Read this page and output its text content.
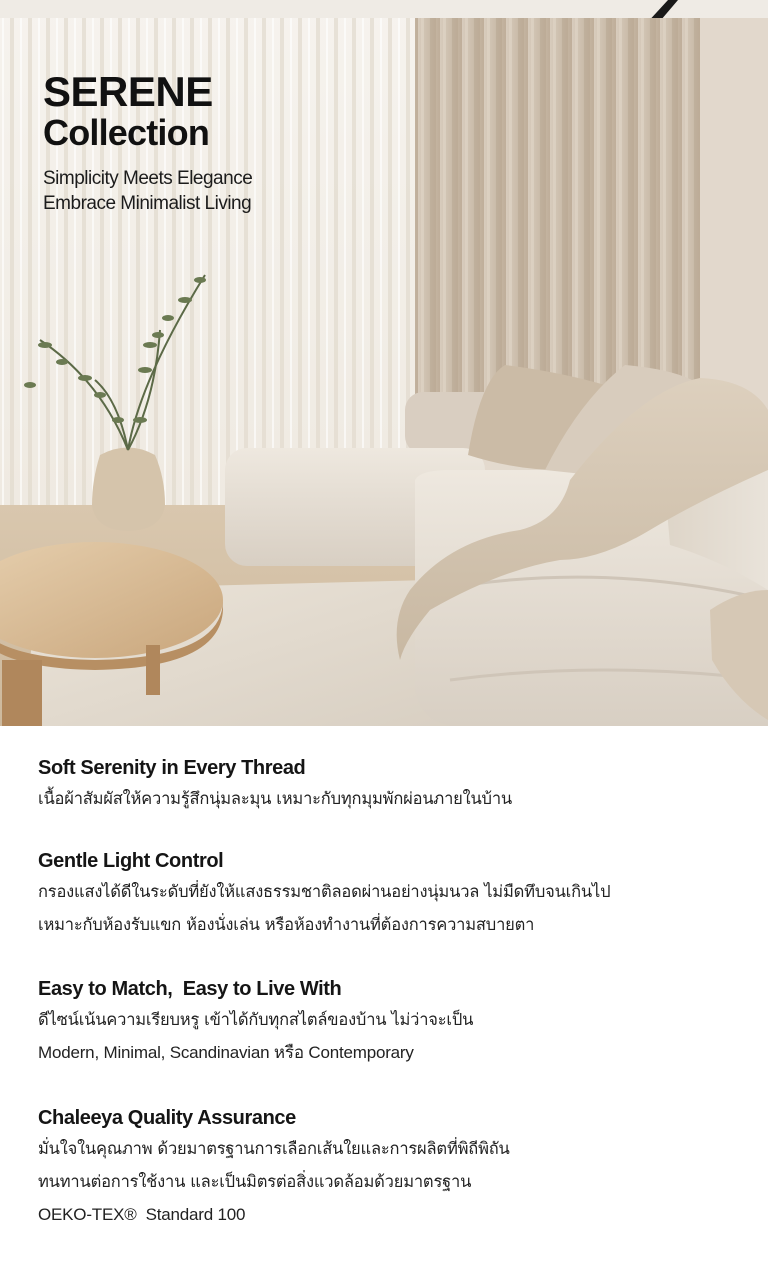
SERENE
Collection
Simplicity Meets Elegance
Embrace Minimalist Living
Soft Serenity in Every Thread
เนื้อผ้าสัมผัสให้ความรู้สึกนุ่มละมุน เหมาะกับทุกมุมพักผ่อนภายในบ้าน
Gentle Light Control
กรองแสงได้ดีในระดับที่ยังให้แสงธรรมชาติลอดผ่านอย่างนุ่มนวล ไม่มืดทึบจนเกินไป
เหมาะกับห้องรับแขก ห้องนั่งเล่น หรือห้องทำงานที่ต้องการความสบายตา
Easy to Match,  Easy to Live With
ดีไซน์เน้นความเรียบหรู เข้าได้กับทุกสไตล์ของบ้าน ไม่ว่าจะเป็น
Modern, Minimal, Scandinavian หรือ Contemporary
Chaleeya Quality Assurance
มั่นใจในคุณภาพ ด้วยมาตรฐานการเลือกเส้นใยและการผลิตที่พิถีพิถัน
ทนทานต่อการใช้งาน และเป็นมิตรต่อสิ่งแวดล้อมด้วยมาตรฐาน
OEKO-TEX®  Standard 100
